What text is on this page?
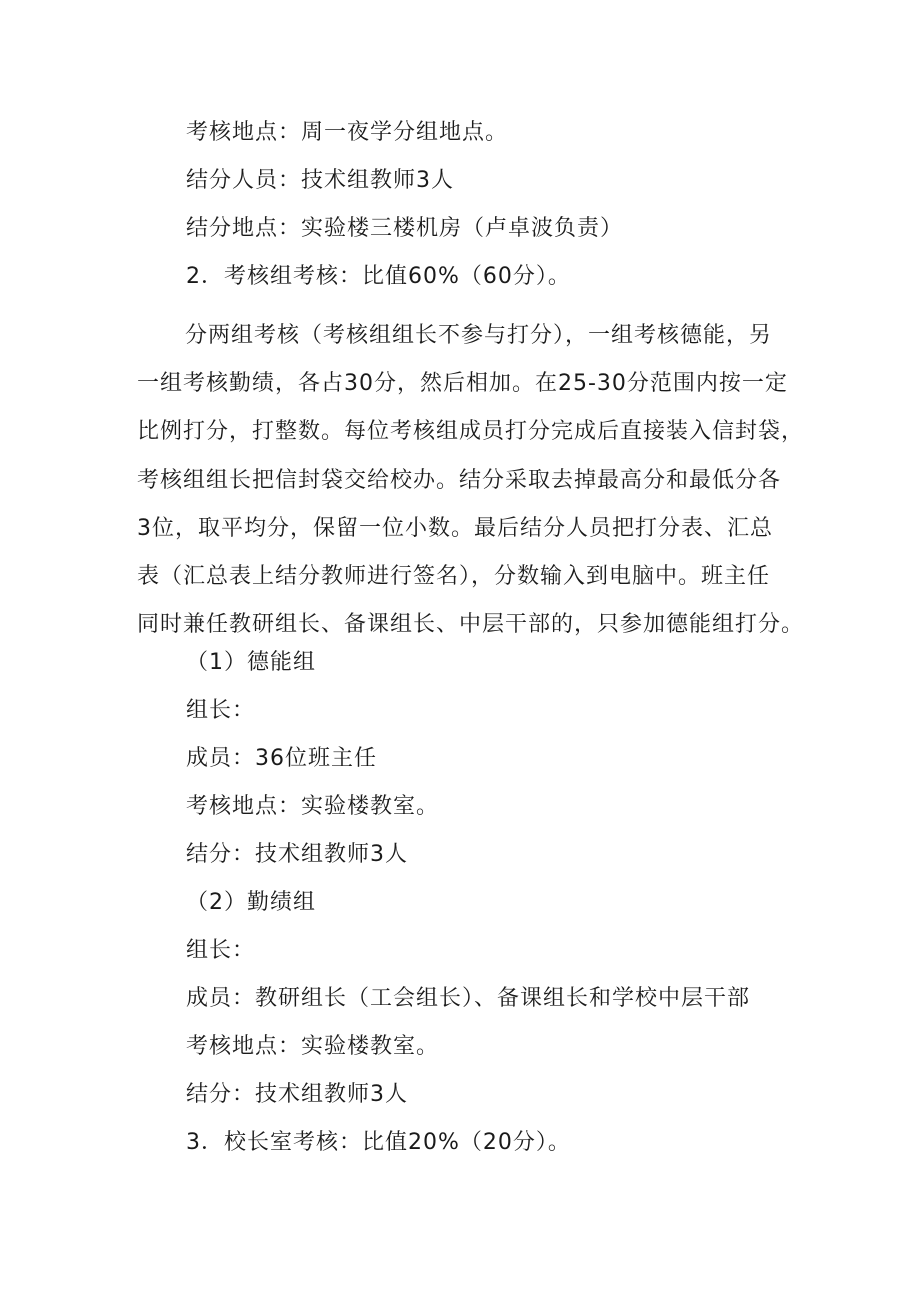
考核地点：周一夜学分组地点。
结分人员：技术组教师3人
结分地点：实验楼三楼机房（卢卓波负责）
2．考核组考核：比值60%（60分）。
分两组考核（考核组组长不参与打分），一组考核德能，另
一组考核勤绩，各占30分，然后相加。在25-30分范围内按一定
比例打分，打整数。每位考核组成员打分完成后直接装入信封袋，
考核组组长把信封袋交给校办。结分采取去掉最高分和最低分各
3位，取平均分，保留一位小数。最后结分人员把打分表、汇总
表（汇总表上结分教师进行签名），分数输入到电脑中。班主任
同时兼任教研组长、备课组长、中层干部的，只参加德能组打分。
（1）德能组
组长：
成员：36位班主任
考核地点：实验楼教室。
结分：技术组教师3人
（2）勤绩组
组长：
成员：教研组长（工会组长）、备课组长和学校中层干部
考核地点：实验楼教室。
结分：技术组教师3人
3．校长室考核：比值20%（20分）。
